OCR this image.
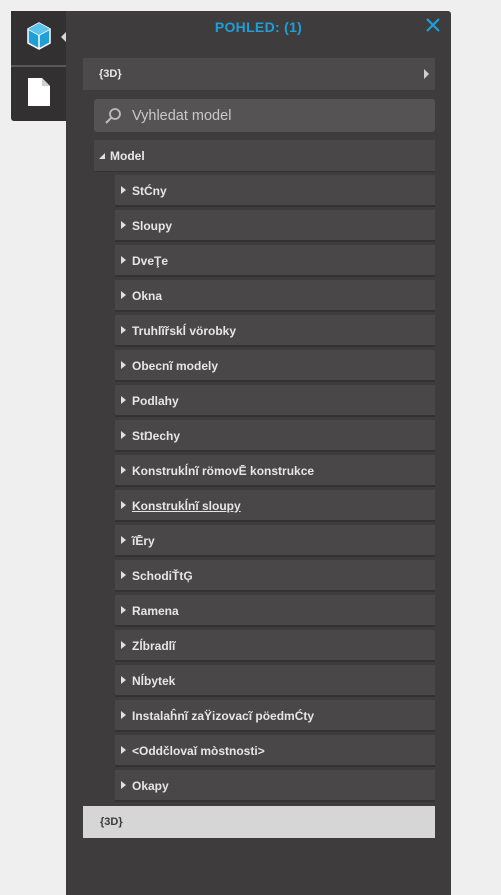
POHLED: (1)
{3D}
Vyhledat model
Model
StĆny
Sloupy
DveŢe
Okna
Truhlĩřskĺ vörobky
Obecnĩ modely
Podlahy
StŊechy
Konstrukĺnĩ römovĒ konstrukce
Konstrukĺnĩ sloupy
ĩĒry
SchodiŤtĢ
Ramena
Zĺbradlĩ
Nĺbytek
Instalaĥnĩ zaŸizovacĩ pöedmĆty
<Oddčlovaĭ mòstnosti>
Okapy
{3D}
